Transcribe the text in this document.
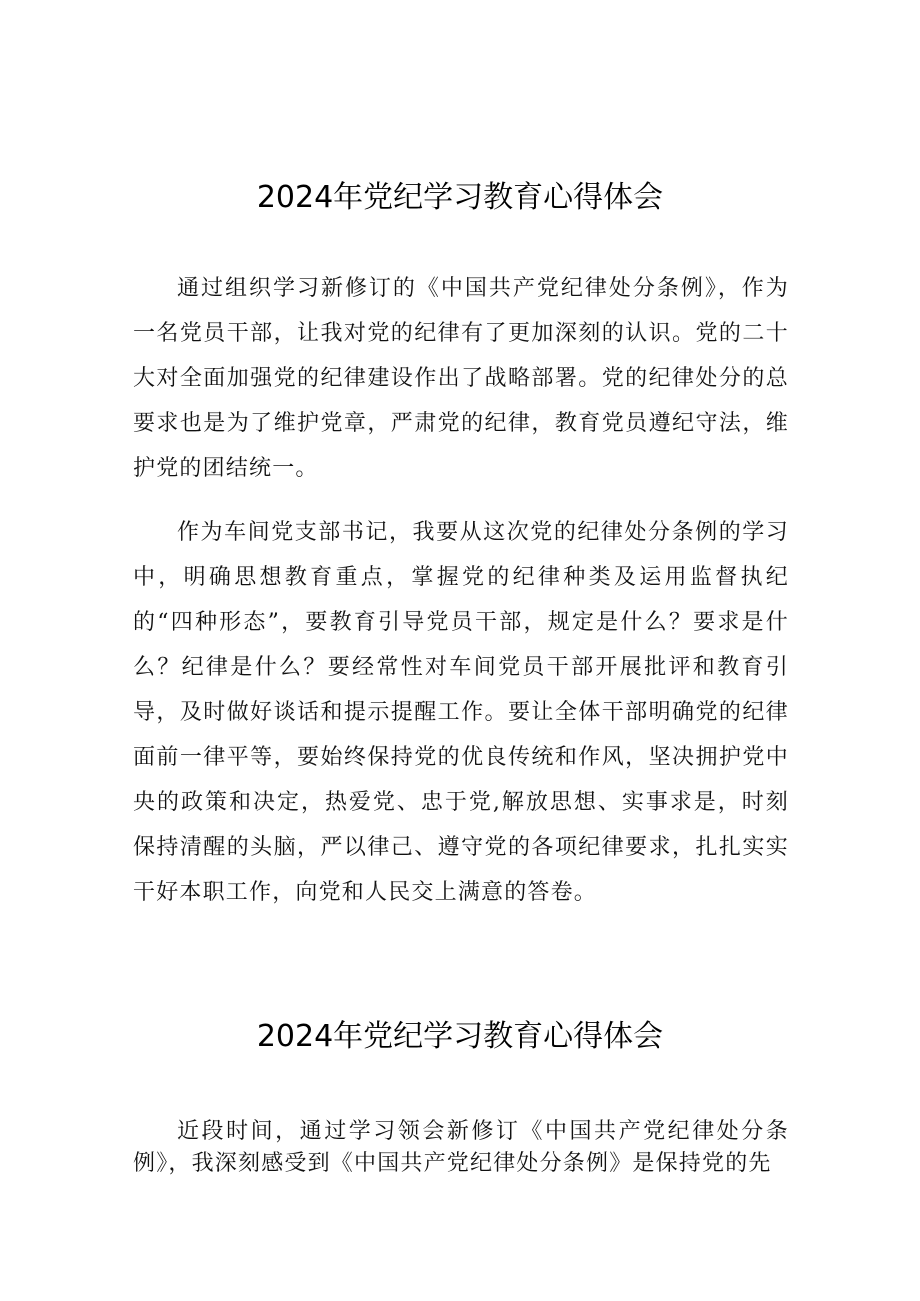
2024年党纪学习教育心得体会

通过组织学习新修订的《中国共产党纪律处分条例》，作为一名党员干部，让我对党的纪律有了更加深刻的认识。党的二十大对全面加强党的纪律建设作出了战略部署。党的纪律处分的总要求也是为了维护党章，严肃党的纪律，教育党员遵纪守法，维护党的团结统一。

作为车间党支部书记，我要从这次党的纪律处分条例的学习中，明确思想教育重点，掌握党的纪律种类及运用监督执纪的“四种形态”，要教育引导党员干部，规定是什么？要求是什么？纪律是什么？要经常性对车间党员干部开展批评和教育引导，及时做好谈话和提示提醒工作。要让全体干部明确党的纪律面前一律平等，要始终保持党的优良传统和作风，坚决拥护党中央的政策和决定，热爱党、忠于党,解放思想、实事求是，时刻保持清醒的头脑，严以律己、遵守党的各项纪律要求，扎扎实实干好本职工作，向党和人民交上满意的答卷。

2024年党纪学习教育心得体会

近段时间，通过学习领会新修订《中国共产党纪律处分条例》，我深刻感受到《中国共产党纪律处分条例》是保持党的先
